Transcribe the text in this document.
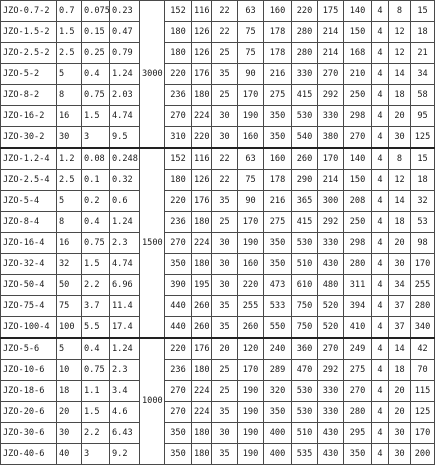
JZO-0.7-2	0.7	0.075	0.23	3000	152	116	22	63	160	220	175	140	4	8	15
JZO-1.5-2	1.5	0.15	0.47		180	126	22	75	178	280	214	150	4	12	18
JZO-2.5-2	2.5	0.25	0.79		180	126	25	75	178	280	214	168	4	12	21
JZO-5-2	5	0.4	1.24		220	176	35	90	216	330	270	210	4	14	34
JZO-8-2	8	0.75	2.03		236	180	25	170	275	415	292	250	4	18	58
JZO-16-2	16	1.5	4.74		270	224	30	190	350	530	330	298	4	20	95
JZO-30-2	30	3	9.5		310	220	30	160	350	540	380	270	4	30	125
JZO-1.2-4	1.2	0.08	0.248	1500	152	116	22	63	160	260	170	140	4	8	15
JZO-2.5-4	2.5	0.1	0.32		180	126	22	75	178	290	214	150	4	12	18
JZO-5-4	5	0.2	0.6		220	176	35	90	216	365	300	208	4	14	32
JZO-8-4	8	0.4	1.24		236	180	25	170	275	415	292	250	4	18	53
JZO-16-4	16	0.75	2.3		270	224	30	190	350	530	330	298	4	20	98
JZO-32-4	32	1.5	4.74		350	180	30	160	350	510	430	280	4	30	170
JZO-50-4	50	2.2	6.96		390	195	30	220	473	610	480	311	4	34	255
JZO-75-4	75	3.7	11.4		440	260	35	255	533	750	520	394	4	37	280
JZO-100-4	100	5.5	17.4		440	260	35	260	550	750	520	410	4	37	340
JZO-5-6	5	0.4	1.24	1000	220	176	20	120	240	360	270	249	4	14	42
JZO-10-6	10	0.75	2.3		236	180	25	170	289	470	292	275	4	18	70
JZO-18-6	18	1.1	3.4		270	224	25	190	320	530	330	270	4	20	115
JZO-20-6	20	1.5	4.6		270	224	35	190	350	530	330	280	4	20	125
JZO-30-6	30	2.2	6.43		350	180	30	190	400	510	430	295	4	30	170
JZO-40-6	40	3	9.2		350	180	35	190	400	535	430	350	4	30	200
